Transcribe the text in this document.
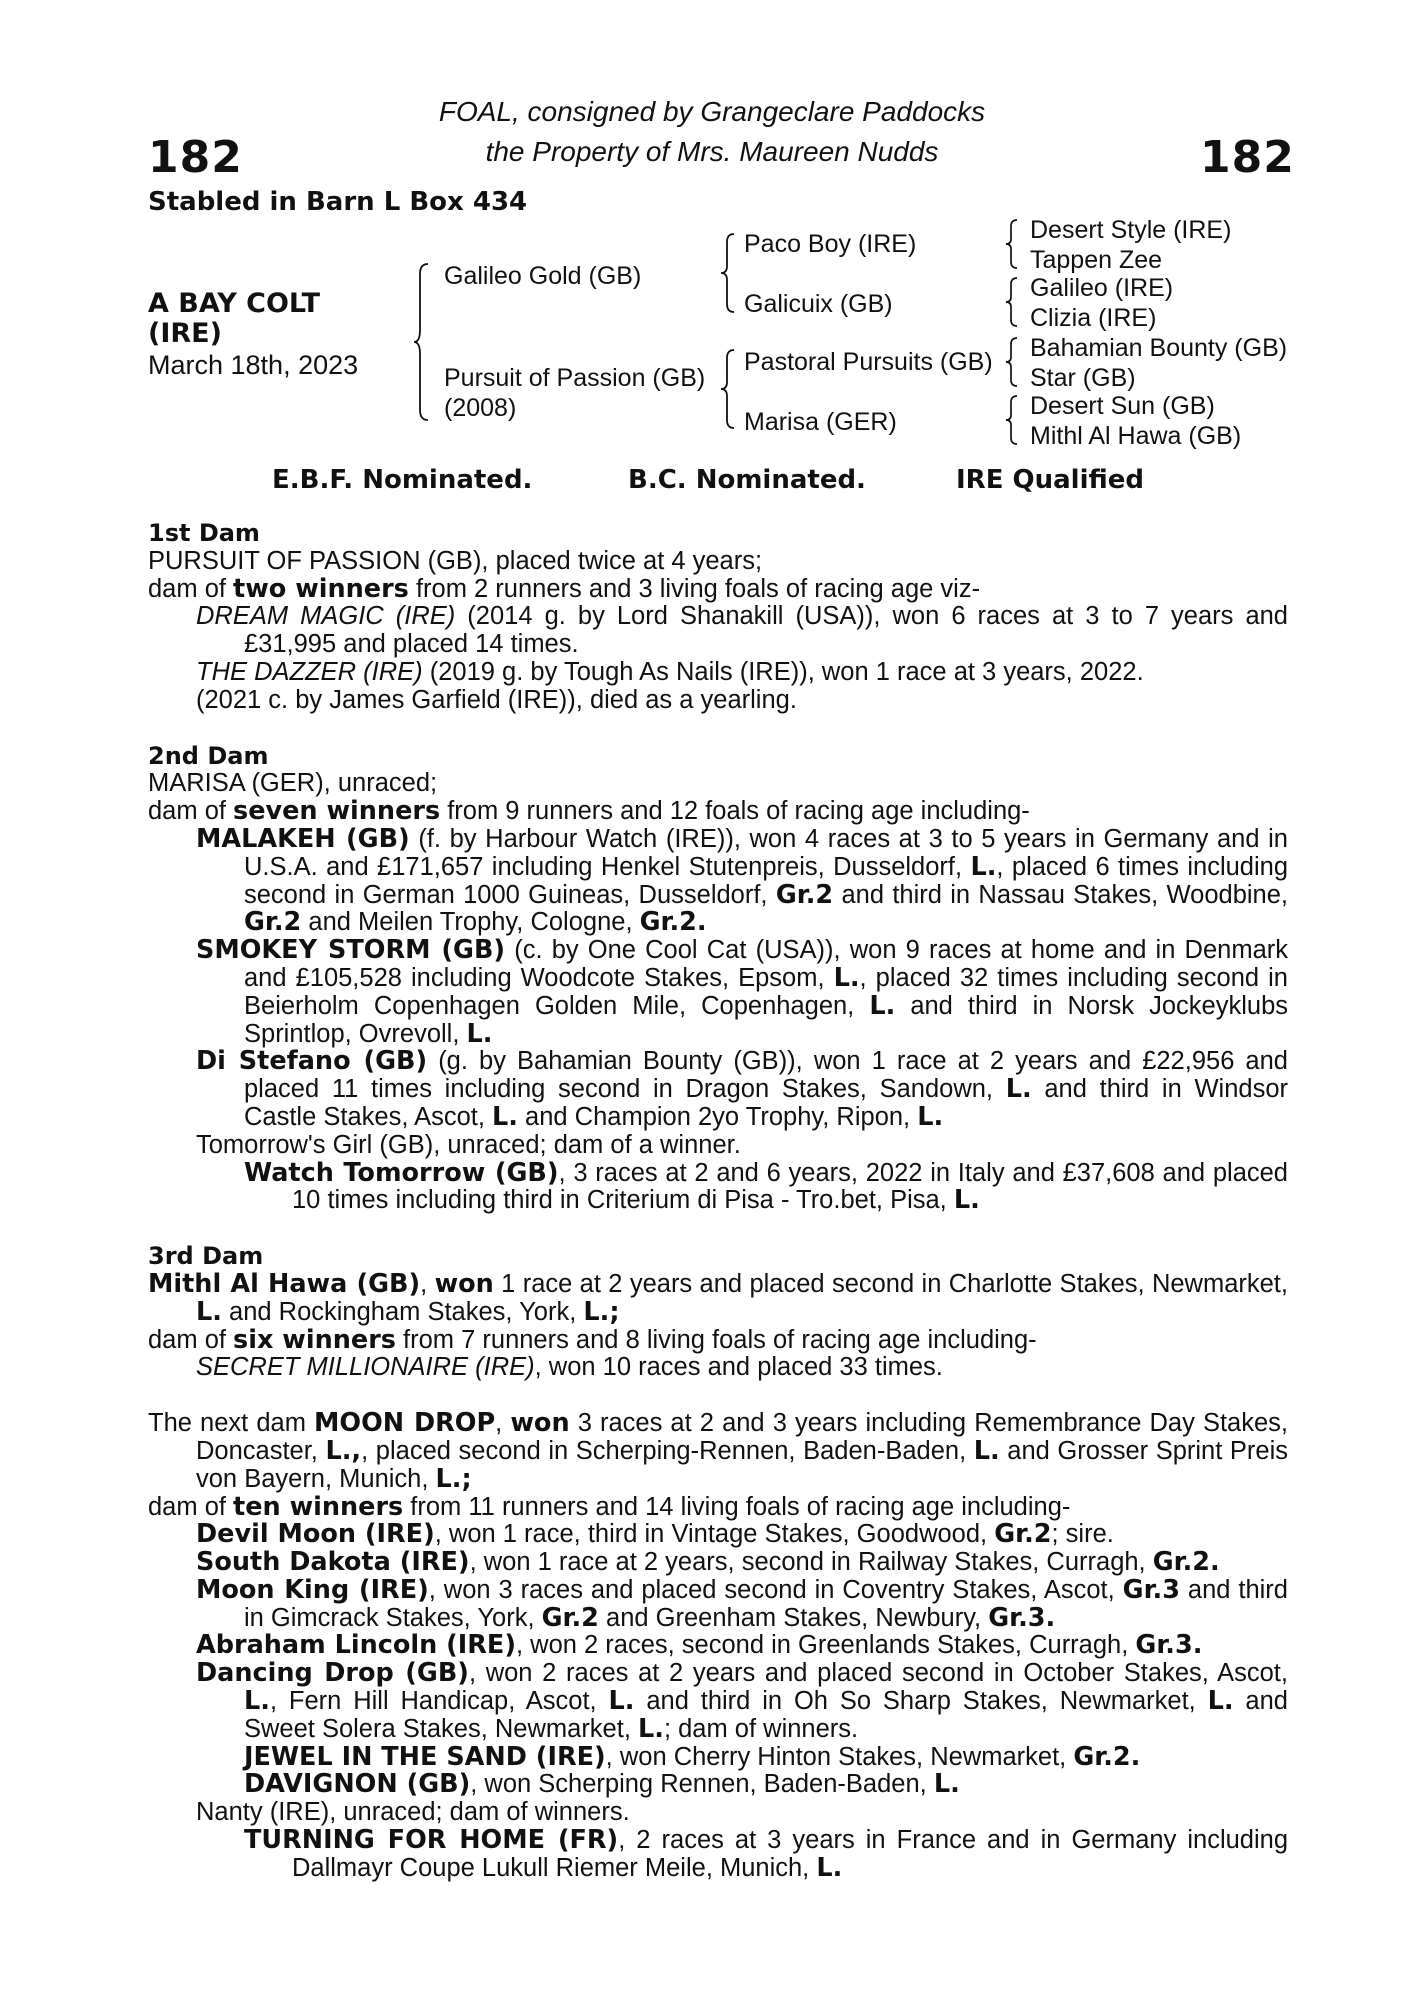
182	182
FOAL, consigned by Grangeclare Paddocks
the Property of Mrs. Maureen Nudds
Stabled in Barn L Box 434
A BAY COLT
(IRE)
March 18th, 2023
Galileo Gold (GB)
Pursuit of Passion (GB)
(2008)
Paco Boy (IRE)
Galicuix (GB)
Pastoral Pursuits (GB)
Marisa (GER)
Desert Style (IRE)
Tappen Zee
Galileo (IRE)
Clizia (IRE)
Bahamian Bounty (GB)
Star (GB)
Desert Sun (GB)
Mithl Al Hawa (GB)
E.B.F. Nominated.	B.C. Nominated.	IRE Qualified

1st Dam

PURSUIT OF PASSION (GB), placed twice at 4 years;

dam of two winners from 2 runners and 3 living foals of racing age viz-

DREAM MAGIC (IRE) (2014 g. by Lord Shanakill (USA)), won 6 races at 3 to 7 years and £31,995 and placed 14 times.

THE DAZZER (IRE) (2019 g. by Tough As Nails (IRE)), won 1 race at 3 years, 2022.

(2021 c. by James Garfield (IRE)), died as a yearling.

2nd Dam

MARISA (GER), unraced;

dam of seven winners from 9 runners and 12 foals of racing age including-

MALAKEH (GB) (f. by Harbour Watch (IRE)), won 4 races at 3 to 5 years in Germany and in U.S.A. and £171,657 including Henkel Stutenpreis, Dusseldorf, L., placed 6 times including second in German 1000 Guineas, Dusseldorf, Gr.2 and third in Nassau Stakes, Woodbine, Gr.2 and Meilen Trophy, Cologne, Gr.2.

SMOKEY STORM (GB) (c. by One Cool Cat (USA)), won 9 races at home and in Denmark and £105,528 including Woodcote Stakes, Epsom, L., placed 32 times including second in Beierholm Copenhagen Golden Mile, Copenhagen, L. and third in Norsk Jockeyklubs Sprintlop, Ovrevoll, L.

Di Stefano (GB) (g. by Bahamian Bounty (GB)), won 1 race at 2 years and £22,956 and placed 11 times including second in Dragon Stakes, Sandown, L. and third in Windsor Castle Stakes, Ascot, L. and Champion 2yo Trophy, Ripon, L.

Tomorrow's Girl (GB), unraced; dam of a winner.

Watch Tomorrow (GB), 3 races at 2 and 6 years, 2022 in Italy and £37,608 and placed 10 times including third in Criterium di Pisa - Tro.bet, Pisa, L.

3rd Dam

Mithl Al Hawa (GB), won 1 race at 2 years and placed second in Charlotte Stakes, Newmarket, L. and Rockingham Stakes, York, L.;

dam of six winners from 7 runners and 8 living foals of racing age including-

SECRET MILLIONAIRE (IRE), won 10 races and placed 33 times.

The next dam MOON DROP, won 3 races at 2 and 3 years including Remembrance Day Stakes, Doncaster, L.,, placed second in Scherping-Rennen, Baden-Baden, L. and Grosser Sprint Preis von Bayern, Munich, L.;

dam of ten winners from 11 runners and 14 living foals of racing age including-

Devil Moon (IRE), won 1 race, third in Vintage Stakes, Goodwood, Gr.2; sire.

South Dakota (IRE), won 1 race at 2 years, second in Railway Stakes, Curragh, Gr.2.

Moon King (IRE), won 3 races and placed second in Coventry Stakes, Ascot, Gr.3 and third in Gimcrack Stakes, York, Gr.2 and Greenham Stakes, Newbury, Gr.3.

Abraham Lincoln (IRE), won 2 races, second in Greenlands Stakes, Curragh, Gr.3.

Dancing Drop (GB), won 2 races at 2 years and placed second in October Stakes, Ascot, L., Fern Hill Handicap, Ascot, L. and third in Oh So Sharp Stakes, Newmarket, L. and Sweet Solera Stakes, Newmarket, L.; dam of winners.

JEWEL IN THE SAND (IRE), won Cherry Hinton Stakes, Newmarket, Gr.2.

DAVIGNON (GB), won Scherping Rennen, Baden-Baden, L.

Nanty (IRE), unraced; dam of winners.

TURNING FOR HOME (FR), 2 races at 3 years in France and in Germany including Dallmayr Coupe Lukull Riemer Meile, Munich, L.
